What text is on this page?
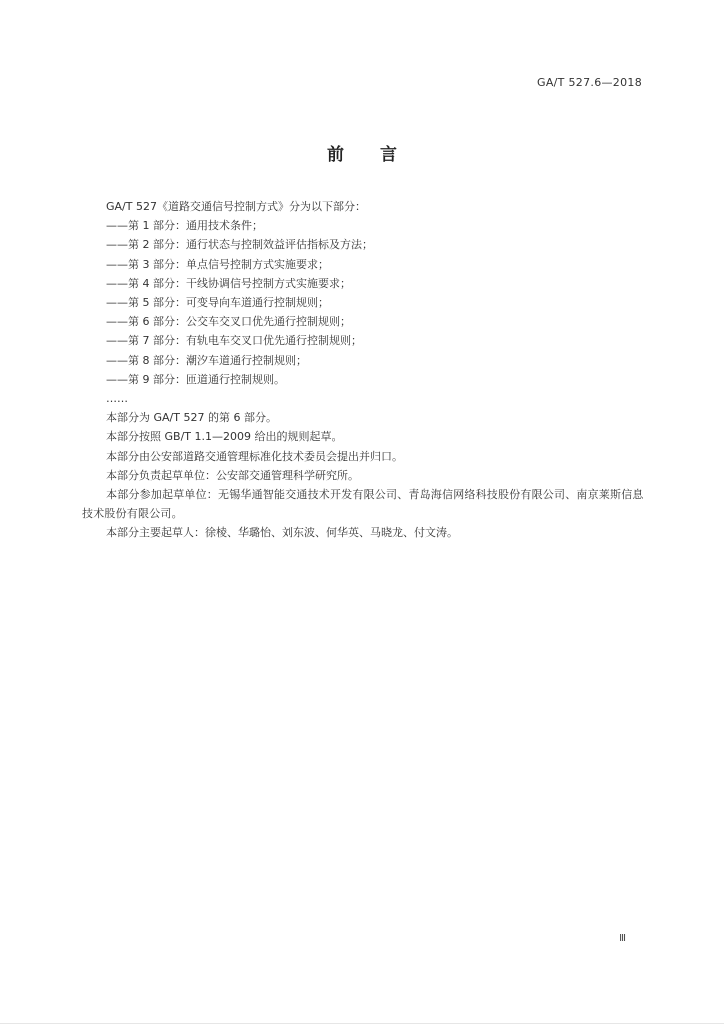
GA/T 527.6—2018
前言
GA/T 527《道路交通信号控制方式》分为以下部分：
——第 1 部分：通用技术条件；
——第 2 部分：通行状态与控制效益评估指标及方法；
——第 3 部分：单点信号控制方式实施要求；
——第 4 部分：干线协调信号控制方式实施要求；
——第 5 部分：可变导向车道通行控制规则；
——第 6 部分：公交车交叉口优先通行控制规则；
——第 7 部分：有轨电车交叉口优先通行控制规则；
——第 8 部分：潮汐车道通行控制规则；
——第 9 部分：匝道通行控制规则。
……
本部分为 GA/T 527 的第 6 部分。
本部分按照 GB/T 1.1—2009 给出的规则起草。
本部分由公安部道路交通管理标准化技术委员会提出并归口。
本部分负责起草单位：公安部交通管理科学研究所。
本部分参加起草单位：无锡华通智能交通技术开发有限公司、青岛海信网络科技股份有限公司、南京莱斯信息技术股份有限公司。
本部分主要起草人：徐棱、华璐怡、刘东波、何华英、马晓龙、付文涛。
Ⅲ
